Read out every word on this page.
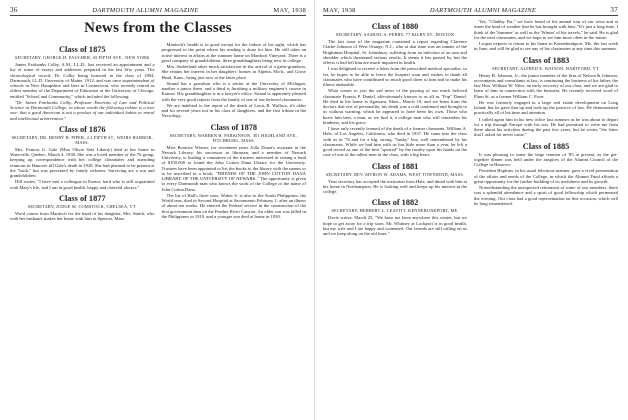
36	DARTMOUTH ALUMNI MAGAZINE	MAY, 1938
News from the Classes
Class of 1875
SECRETARY, GEORGE H. FAUCHER, 43 FIFTH AVE., NEW YORK

James Fairbanks Colby, A.M., LL.D., has received an appointment and a list of some of essays and addresses prepared in the last fifty years. The chronological record, Dr. Colby being honored in the class of 1894, Dartmouth, LL.D. University of Maine, 1912, and was once superintendent of schools in New Hampshire and later in Connecticut, who recently retired as oldest member of the Department of Education at the University of Chicago, entitled "School and Community," which included the following:

"Dr. James Fairbanks Colby, Professor Emeritus of Law and Political Science in Dartmouth College, in whose words the following tribute is a true one: that a good American is not a product of our individual habits or moral and intellectual achievement."

Class of 1876
SECRETARY, DR. HENRY H. PIPER, 4 2 FIFTH ST., WEIRS HARBOR, MASS.

Mrs. Francis G. Gale (Miss Olivia Sala Liberty) died at her home in Waterville, Quebec, March 4, 1938. She was a loved member of the 76 group, keeping up correspondence with her college classmates and attending reunions in Hanover till Gale's death in 1928. She had planned to be present at the "back," but was prevented by family sickness. Surviving are a son and grandchildren.

Hill writes, "I have met a colleague in Exeter; hard who is still acquainted with Mary's life, and I am in good health, happy and cheerful always."

Class of 1877
SECRETARY, JUDGE M. COMSTOCK, CHELSEA, VT.

Word comes from Mardoch for the hand of his daughter, Mrs. Smith, who with her husband, makes her home with him in Spencer, Mass.

Mardoch's health is in good except for the failure of his sight, which has progressed to the point where his reading is done for him. He still takes an active interest in affairs at the summer home on Mardoch Vineyard. There is a good company of grandchildren, three granddaughters being now in college.

Mrs. Sutherland takes much satisfaction in the arrival of a great-grandson. She retains her interest in her daughters' homes in Alpena, Mich., and Grose Head, Kans., being just now at the latter place.

Strand has a grandson who is a senior at the University of Michigan, another a junior there, and a third is finishing a military engineer's course in Kansas. His granddaughter is in a lawyer's office. Strand is apparently pleased with the very good reports from the family of one of our beloved classmates.

We are indebted to the report of the death of Louis B. Wallace, it's older and for several years not in his class of daughters, and the first tribute in the Necrology.

Class of 1878
SECRETARY, WARREN H. PARKINSON, 301 HIGHLAND AVE., FITCHBURG, MASS.

Miss Beatrice Wiener, for seventeen years Jolla Donat's assistant in the Newark Library, his successor as librarian, and a member of Newark University, is leading a committee of the trustees interested in raising a fund of $100,000 to found the John Cotton Dana Library for the University. Trustees have been appointed to list the books to the library with the names or to be inscribed in a book, "FRIENDS OF THE JOHN COTTON DANA LIBRARY OF THE UNIVERSITY OF NEWARK." The opportunity is given to every Dartmouth man who knows the work of the College or the name of John Cotton Dana.

The list of Hall's three sons: Walter S. is also in the South Philippines, the World seas, died in Second Hospital at Sacramento February 1, after an illness of about ten weeks. He entered the Federal service in the construction of the first government dam on the Feather River Canyon. An older son was killed in the Philippines in 1919, and a younger son died at home in 1930.

MAY, 1938	DARTMOUTH ALUMNI MAGAZINE	37
Class of 1880
SECRETARY, SAMUEL S. PERRY, 77 KILBY ST., BOSTON

The last issue of the magazine contained a report regarding Clarence Clarke Johnson of West Orange, N.J., who at that time was an inmate of the Brightman Hospital, St. Johnsbury, suffering from an infection of an arm and shoulder which threatened serious results. It seems it has passed by, but the effects it had left him are much impaired in health.

I was delighted to receive a letter from the prescribed medical specialist; so far, he hopes to be able to leave the hospital soon and wishes to thank all classmates who have contributed so much good cheer to him and to make his illness endurable.

What comes to you the sad news of the passing of our much beloved classmate Francis P. Daniel, affectionately known to us all as "Pop" Daniel. He died in his home at Agawam, Mass., March 19, and we learn from the doctors that rest of personality, his death was a cold continued and brought to us without warning, which he appeared to have been his own. Those who knew him best, a man, as we find it, a college man who will remember his kindness, and his grace.

I have only recently learned of the death of a former classmate, William A. Hale, of Los Angeles, California, who died in 1937. He came into the class with us in '76 and for a big, strong, "husky" boy, well remembered by his classmates. While we had him with us but little more than a year, he left a good record as one of the best "spurred" by the faculty upon his hands on the case of one of the tallest men in the class, with a big heart.

Class of 1881
SECRETARY, REV. MYRON W. ADAMS, WEST TOWNSEND, MASS.

Your secretary has accepted the invitation from Hale, and dined with him at his home in Northampton. He is looking well and keeps up his interest in the college.

Class of 1882
SECRETARY, HERBERT L. LEAVITT, KENNEBUNKPORT, ME.

Davis writes, March 25, "We have not been anywhere this winter, but we hope to get away for a trip soon. Mr. Whitney at Lockport is in good health, but my wife and I are happy and contented. Our friends are still calling on us and we keep along on the old lines."

Yes, "Chubby Pat," we have heard of his annual tour of our town and at times the kind of weather that he has brought with him. "It's just a long time, I think of the 'Summer' as well as the 'Winter' of his travels," he said. He is glad for the next classmates, and we hope to see him more often in the future.

Lospas expects to return to his home in Kennebunkport, Me. the last week in June, and will be glad to see any of his classmates at any time this summer.

Class of 1883
SECRETARY, ALFRED E. WATSON, HARTFORD, VT.

Henry B. Johnson, Jr., the junior member of the firm of Nelson & Johnson, accountants and consultants at law, is continuing the business of his father, the late Hon. William W. Niles, an early recovery of our class, and we are glad to learn of him in connection with the business. He recently received word of Plum St. as a former William C. Ewer.

He was formerly engaged in a large real estate development on Long Island, but he gave that up and took up the practice of law. He demonstrated practically all of his time and attention.

I called again him in his new office last summer as he was about to depart for a trip through Europe with his son. He had promised to write me from there about his activities during the past few years, but he writes "the letter that I asked for never came."

Class of 1885

It was pleasing to some the large reunion of '85 at present, as the get-together dinner was held under the auspices of the Alumni Council of the College in Hanover.

President Hopkins, in his usual felicitous manner, gave a vivid presentation of the affairs and needs of the College, in which the Alumni Fund affords a great opportunity for the further building of its usefulness and its growth.

Notwithstanding the unexpected retirement of some of our members, there was a splendid attendance and a spirit of good fellowship which permeated the evening. Our class had a good representation on this occasion, which will be long remembered.
